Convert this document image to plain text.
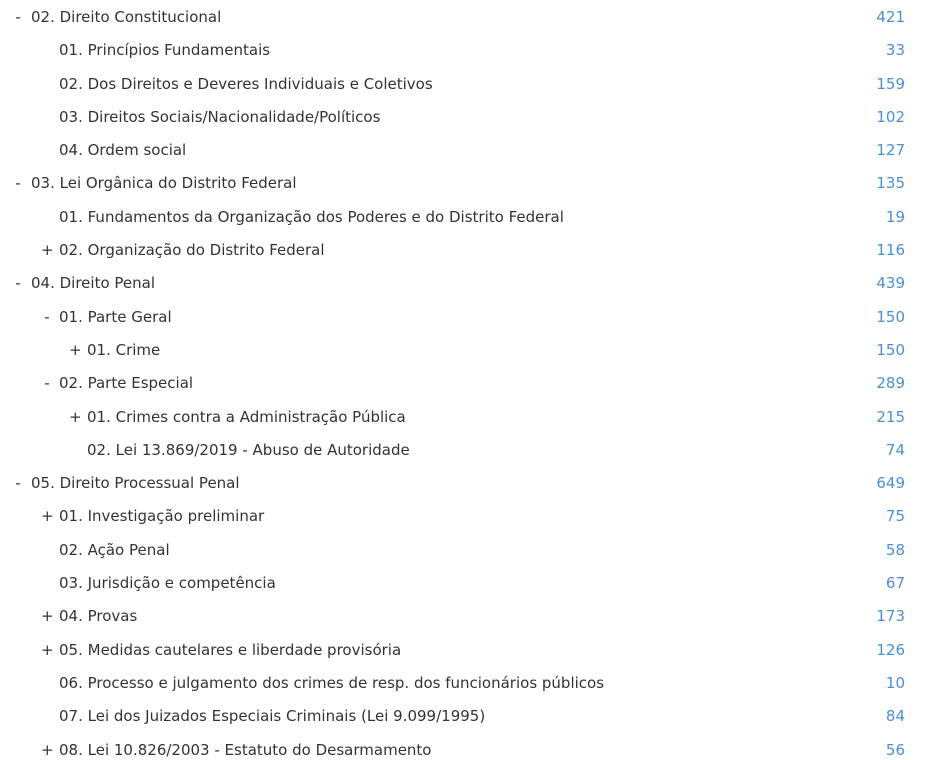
- 02. Direito Constitucional	421
01. Princípios Fundamentais	33
02. Dos Direitos e Deveres Individuais e Coletivos	159
03. Direitos Sociais/Nacionalidade/Políticos	102
04. Ordem social	127
- 03. Lei Orgânica do Distrito Federal	135
01. Fundamentos da Organização dos Poderes e do Distrito Federal	19
+ 02. Organização do Distrito Federal	116
- 04. Direito Penal	439
- 01. Parte Geral	150
+ 01. Crime	150
- 02. Parte Especial	289
+ 01. Crimes contra a Administração Pública	215
02. Lei 13.869/2019 - Abuso de Autoridade	74
- 05. Direito Processual Penal	649
+ 01. Investigação preliminar	75
02. Ação Penal	58
03. Jurisdição e competência	67
+ 04. Provas	173
+ 05. Medidas cautelares e liberdade provisória	126
06. Processo e julgamento dos crimes de resp. dos funcionários públicos	10
07. Lei dos Juizados Especiais Criminais (Lei 9.099/1995)	84
+ 08. Lei 10.826/2003 - Estatuto do Desarmamento	56
